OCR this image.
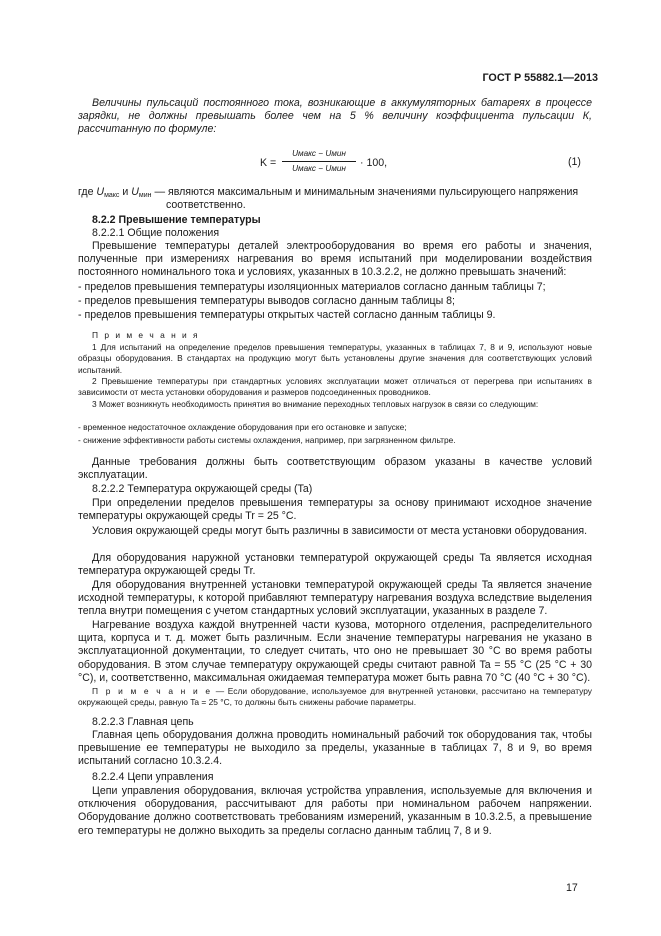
ГОСТ Р 55882.1—2013

Величины пульсаций постоянного тока, возникающие в аккумуляторных батареях в процессе зарядки, не должны превышать более чем на 5 % величину коэффициента пульсации К, рассчитанную по формуле:

K =
Uмакс − Uмин
Uмакс − Uмин	· 100,	(1)

где $U_{макс}$ и $U_{мин}$ — являются максимальным и минимальным значениями пульсирующего напряжения

соответственно.

8.2.2 Превышение температуры

8.2.2.1 Общие положения

Превышение температуры деталей электрооборудования во время его работы и значения, полученные при измерениях нагревания во время испытаний при моделировании воздействия постоянного номинального тока и условиях, указанных в 10.3.2.2, не должно превышать значений:

- пределов превышения температуры изоляционных материалов согласно данным таблицы 7;

- пределов превышения температуры выводов согласно данным таблицы 8;

- пределов превышения температуры открытых частей согласно данным таблицы 9.

П р и м е ч а н и я

1 Для испытаний на определение пределов превышения температуры, указанных в таблицах 7, 8 и 9, используют новые образцы оборудования. В стандартах на продукцию могут быть установлены другие значения для соответствующих условий испытаний.

2 Превышение температуры при стандартных условиях эксплуатации может отличаться от перегрева при испытаниях в зависимости от места установки оборудования и размеров подсоединенных проводников.

3 Может возникнуть необходимость принятия во внимание переходных тепловых нагрузок в связи со следующим:

- временное недостаточное охлаждение оборудования при его остановке и запуске;

- снижение эффективности работы системы охлаждения, например, при загрязненном фильтре.

Данные требования должны быть соответствующим образом указаны в качестве условий эксплуатации.

8.2.2.2 Температура окружающей среды (Ta)

При определении пределов превышения температуры за основу принимают исходное значение температуры окружающей среды Tr = 25 °С.

Условия окружающей среды могут быть различны в зависимости от места установки оборудования.

Для оборудования наружной установки температурой окружающей среды Ta является исходная температура окружающей среды Tr.

Для оборудования внутренней установки температурой окружающей среды Ta является значение исходной температуры, к которой прибавляют температуру нагревания воздуха вследствие выделения тепла внутри помещения с учетом стандартных условий эксплуатации, указанных в разделе 7.

Нагревание воздуха каждой внутренней части кузова, моторного отделения, распределительного щита, корпуса и т. д. может быть различным. Если значение температуры нагревания не указано в эксплуатационной документации, то следует считать, что оно не превышает 30 °С во время работы оборудования. В этом случае температуру окружающей среды считают равной Ta = 55 °С (25 °С + 30 °С), и, соответственно, максимальная ожидаемая температура может быть равна 70 °С (40 °С + 30 °С).

П р и м е ч а н и е — Если оборудование, используемое для внутренней установки, рассчитано на температуру окружающей среды, равную Ta = 25 °С, то должны быть снижены рабочие параметры.

8.2.2.3 Главная цепь

Главная цепь оборудования должна проводить номинальный рабочий ток оборудования так, чтобы превышение ее температуры не выходило за пределы, указанные в таблицах 7, 8 и 9, во время испытаний согласно 10.3.2.4.

8.2.2.4 Цепи управления

Цепи управления оборудования, включая устройства управления, используемые для включения и отключения оборудования, рассчитывают для работы при номинальном рабочем напряжении. Оборудование должно соответствовать требованиям измерений, указанным в 10.3.2.5, а превышение его температуры не должно выходить за пределы согласно данным таблиц 7, 8 и 9.

17
